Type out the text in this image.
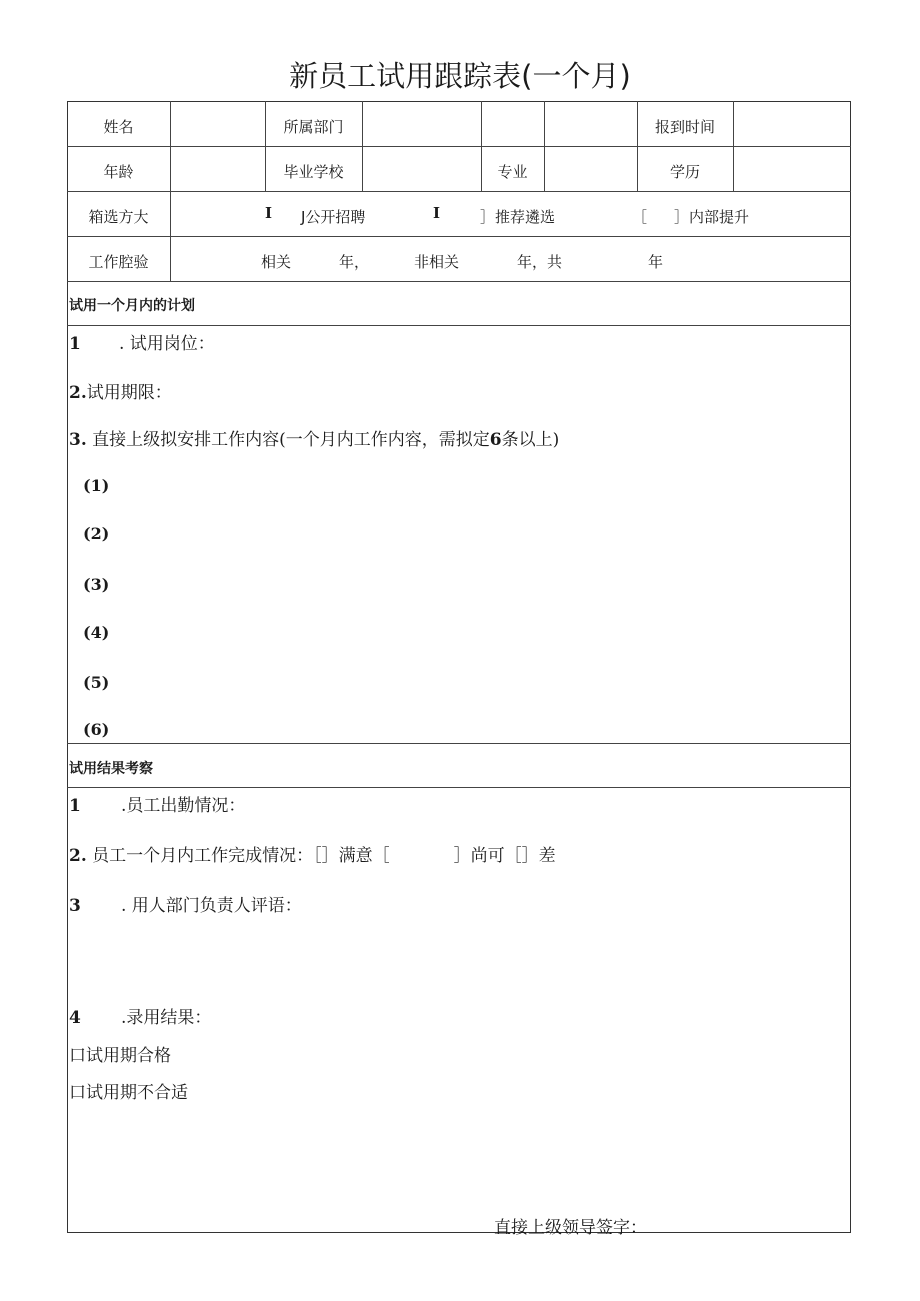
新员工试用跟踪表(一个月)
姓名	所属部门	报到时间
年龄	毕业学校	专业	学历
箱选方大	I J公开招聘	I	］推荐遴选	［ ］内部提升
工作腔验	相关	年，	非相关	年，共	年
试用一个月内的计划
1 . 试用岗位：
2.试用期限：
3. 直接上级拟安排工作内容(一个月内工作内容，需拟定6条以上)
(1)
(2)
(3)
(4)
(5)
(6)
试用结果考察
1 .员工出勤情况：
2. 员工一个月内工作完成情况：［］满意［	］尚可［］差
3 . 用人部门负责人评语：
4 .录用结果：
口试用期合格
口试用期不合适
直接上级领导签字：
